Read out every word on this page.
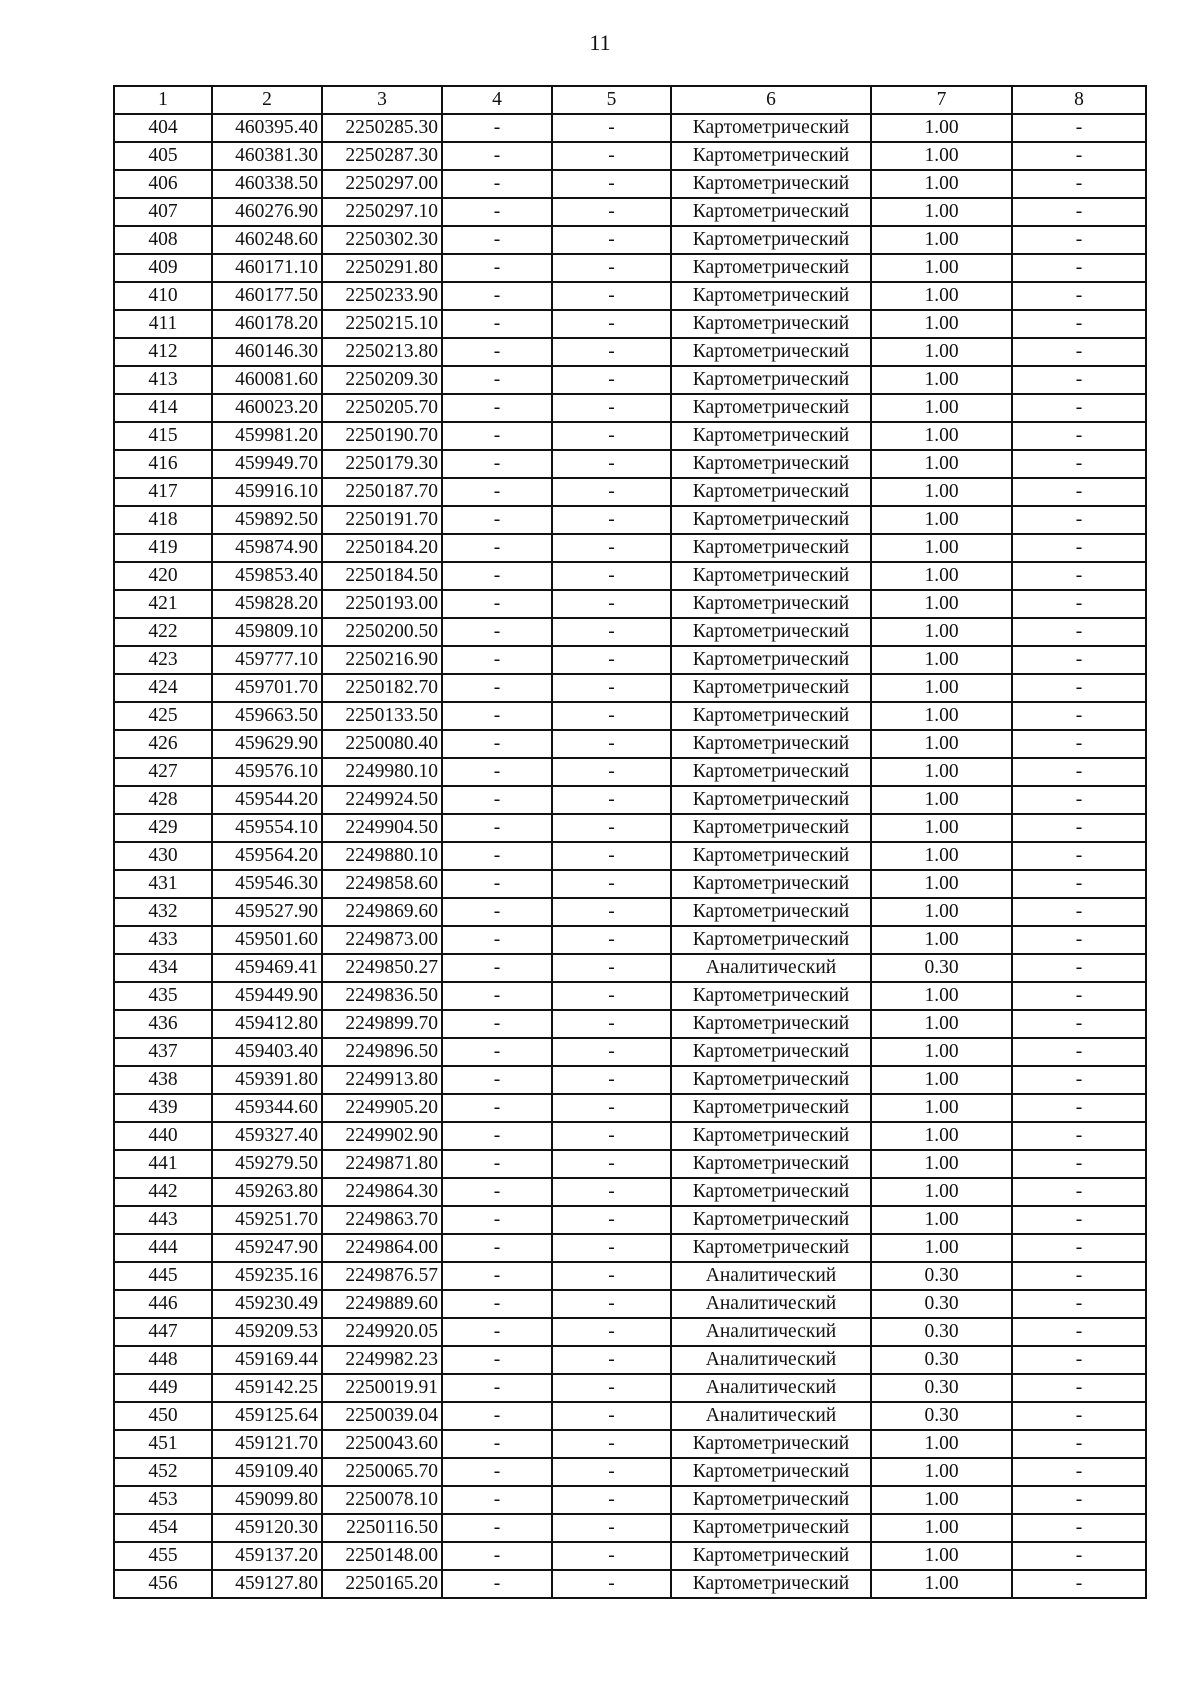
11
1	2	3	4	5	6	7	8
404	460395.40	2250285.30	-	-	Картометрический	1.00	-
405	460381.30	2250287.30	-	-	Картометрический	1.00	-
406	460338.50	2250297.00	-	-	Картометрический	1.00	-
407	460276.90	2250297.10	-	-	Картометрический	1.00	-
408	460248.60	2250302.30	-	-	Картометрический	1.00	-
409	460171.10	2250291.80	-	-	Картометрический	1.00	-
410	460177.50	2250233.90	-	-	Картометрический	1.00	-
411	460178.20	2250215.10	-	-	Картометрический	1.00	-
412	460146.30	2250213.80	-	-	Картометрический	1.00	-
413	460081.60	2250209.30	-	-	Картометрический	1.00	-
414	460023.20	2250205.70	-	-	Картометрический	1.00	-
415	459981.20	2250190.70	-	-	Картометрический	1.00	-
416	459949.70	2250179.30	-	-	Картометрический	1.00	-
417	459916.10	2250187.70	-	-	Картометрический	1.00	-
418	459892.50	2250191.70	-	-	Картометрический	1.00	-
419	459874.90	2250184.20	-	-	Картометрический	1.00	-
420	459853.40	2250184.50	-	-	Картометрический	1.00	-
421	459828.20	2250193.00	-	-	Картометрический	1.00	-
422	459809.10	2250200.50	-	-	Картометрический	1.00	-
423	459777.10	2250216.90	-	-	Картометрический	1.00	-
424	459701.70	2250182.70	-	-	Картометрический	1.00	-
425	459663.50	2250133.50	-	-	Картометрический	1.00	-
426	459629.90	2250080.40	-	-	Картометрический	1.00	-
427	459576.10	2249980.10	-	-	Картометрический	1.00	-
428	459544.20	2249924.50	-	-	Картометрический	1.00	-
429	459554.10	2249904.50	-	-	Картометрический	1.00	-
430	459564.20	2249880.10	-	-	Картометрический	1.00	-
431	459546.30	2249858.60	-	-	Картометрический	1.00	-
432	459527.90	2249869.60	-	-	Картометрический	1.00	-
433	459501.60	2249873.00	-	-	Картометрический	1.00	-
434	459469.41	2249850.27	-	-	Аналитический	0.30	-
435	459449.90	2249836.50	-	-	Картометрический	1.00	-
436	459412.80	2249899.70	-	-	Картометрический	1.00	-
437	459403.40	2249896.50	-	-	Картометрический	1.00	-
438	459391.80	2249913.80	-	-	Картометрический	1.00	-
439	459344.60	2249905.20	-	-	Картометрический	1.00	-
440	459327.40	2249902.90	-	-	Картометрический	1.00	-
441	459279.50	2249871.80	-	-	Картометрический	1.00	-
442	459263.80	2249864.30	-	-	Картометрический	1.00	-
443	459251.70	2249863.70	-	-	Картометрический	1.00	-
444	459247.90	2249864.00	-	-	Картометрический	1.00	-
445	459235.16	2249876.57	-	-	Аналитический	0.30	-
446	459230.49	2249889.60	-	-	Аналитический	0.30	-
447	459209.53	2249920.05	-	-	Аналитический	0.30	-
448	459169.44	2249982.23	-	-	Аналитический	0.30	-
449	459142.25	2250019.91	-	-	Аналитический	0.30	-
450	459125.64	2250039.04	-	-	Аналитический	0.30	-
451	459121.70	2250043.60	-	-	Картометрический	1.00	-
452	459109.40	2250065.70	-	-	Картометрический	1.00	-
453	459099.80	2250078.10	-	-	Картометрический	1.00	-
454	459120.30	2250116.50	-	-	Картометрический	1.00	-
455	459137.20	2250148.00	-	-	Картометрический	1.00	-
456	459127.80	2250165.20	-	-	Картометрический	1.00	-
